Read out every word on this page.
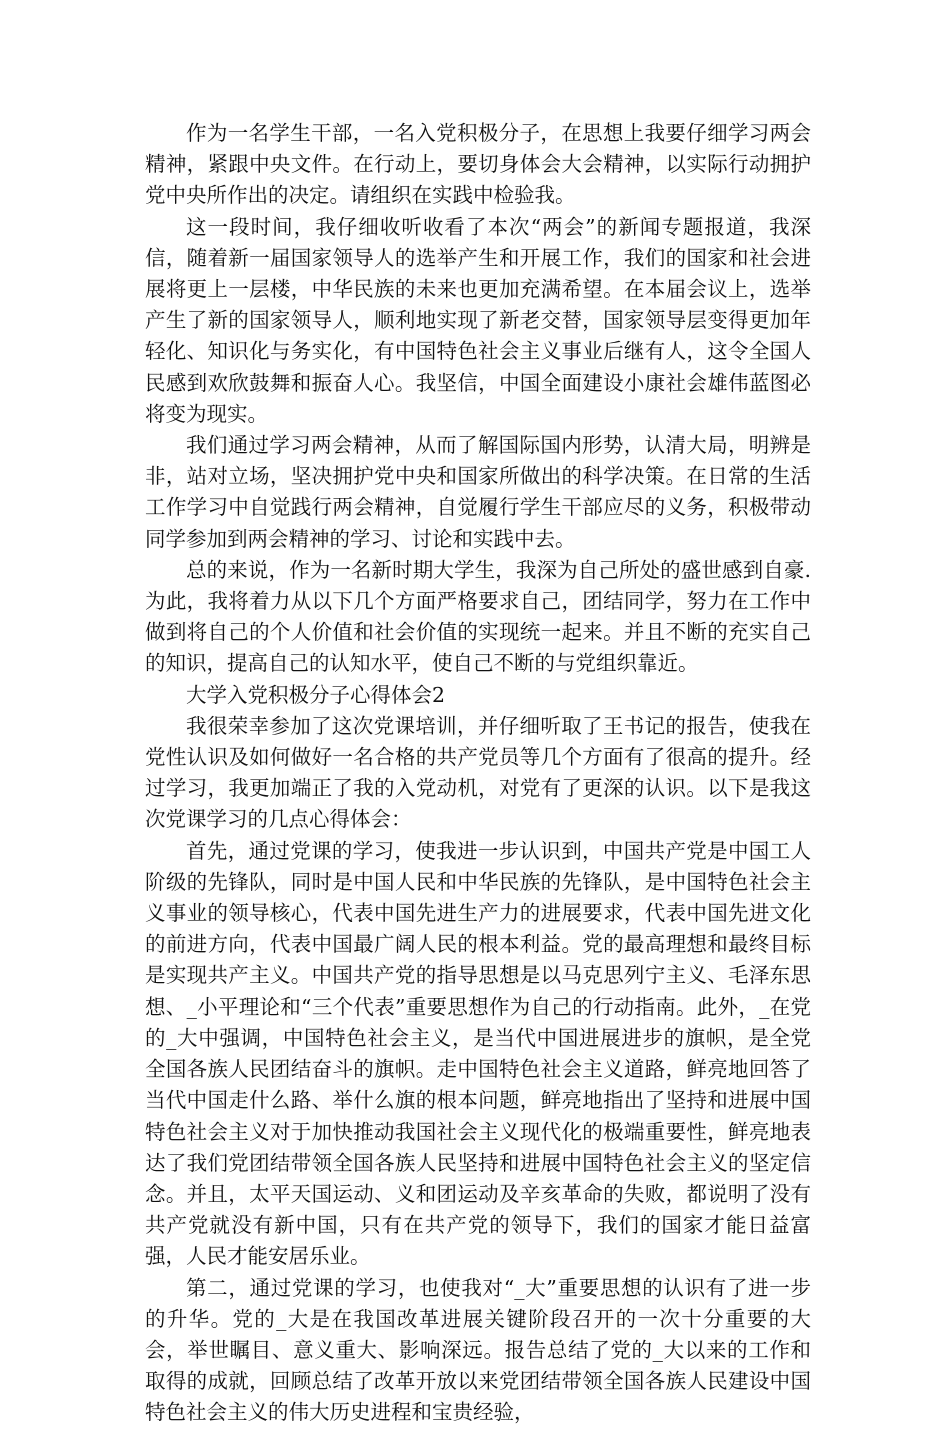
作为一名学生干部，一名入党积极分子，在思想上我要仔细学习两会精神，紧跟中央文件。在行动上，要切身体会大会精神，以实际行动拥护党中央所作出的决定。请组织在实践中检验我。

这一段时间，我仔细收听收看了本次“两会”的新闻专题报道，我深信，随着新一届国家领导人的选举产生和开展工作，我们的国家和社会进展将更上一层楼，中华民族的未来也更加充满希望。在本届会议上，选举产生了新的国家领导人，顺利地实现了新老交替，国家领导层变得更加年轻化、知识化与务实化，有中国特色社会主义事业后继有人，这令全国人民感到欢欣鼓舞和振奋人心。我坚信，中国全面建设小康社会雄伟蓝图必将变为现实。

我们通过学习两会精神，从而了解国际国内形势，认清大局，明辨是非，站对立场，坚决拥护党中央和国家所做出的科学决策。在日常的生活工作学习中自觉践行两会精神，自觉履行学生干部应尽的义务，积极带动同学参加到两会精神的学习、讨论和实践中去。

总的来说，作为一名新时期大学生，我深为自己所处的盛世感到自豪.为此，我将着力从以下几个方面严格要求自己，团结同学，努力在工作中做到将自己的个人价值和社会价值的实现统一起来。并且不断的充实自己的知识，提高自己的认知水平，使自己不断的与党组织靠近。

大学入党积极分子心得体会2

我很荣幸参加了这次党课培训，并仔细听取了王书记的报告，使我在党性认识及如何做好一名合格的共产党员等几个方面有了很高的提升。经过学习，我更加端正了我的入党动机，对党有了更深的认识。以下是我这次党课学习的几点心得体会：

首先，通过党课的学习，使我进一步认识到，中国共产党是中国工人阶级的先锋队，同时是中国人民和中华民族的先锋队，是中国特色社会主义事业的领导核心，代表中国先进生产力的进展要求，代表中国先进文化的前进方向，代表中国最广阔人民的根本利益。党的最高理想和最终目标是实现共产主义。中国共产党的指导思想是以马克思列宁主义、毛泽东思想、_小平理论和“三个代表”重要思想作为自己的行动指南。此外，_在党的_大中强调，中国特色社会主义，是当代中国进展进步的旗帜，是全党全国各族人民团结奋斗的旗帜。走中国特色社会主义道路，鲜亮地回答了当代中国走什么路、举什么旗的根本问题，鲜亮地指出了坚持和进展中国特色社会主义对于加快推动我国社会主义现代化的极端重要性，鲜亮地表达了我们党团结带领全国各族人民坚持和进展中国特色社会主义的坚定信念。并且，太平天国运动、义和团运动及辛亥革命的失败，都说明了没有共产党就没有新中国，只有在共产党的领导下，我们的国家才能日益富强，人民才能安居乐业。

第二，通过党课的学习，也使我对“_大”重要思想的认识有了进一步的升华。党的_大是在我国改革进展关键阶段召开的一次十分重要的大会，举世瞩目、意义重大、影响深远。报告总结了党的_大以来的工作和取得的成就，回顾总结了改革开放以来党团结带领全国各族人民建设中国特色社会主义的伟大历史进程和宝贵经验，
